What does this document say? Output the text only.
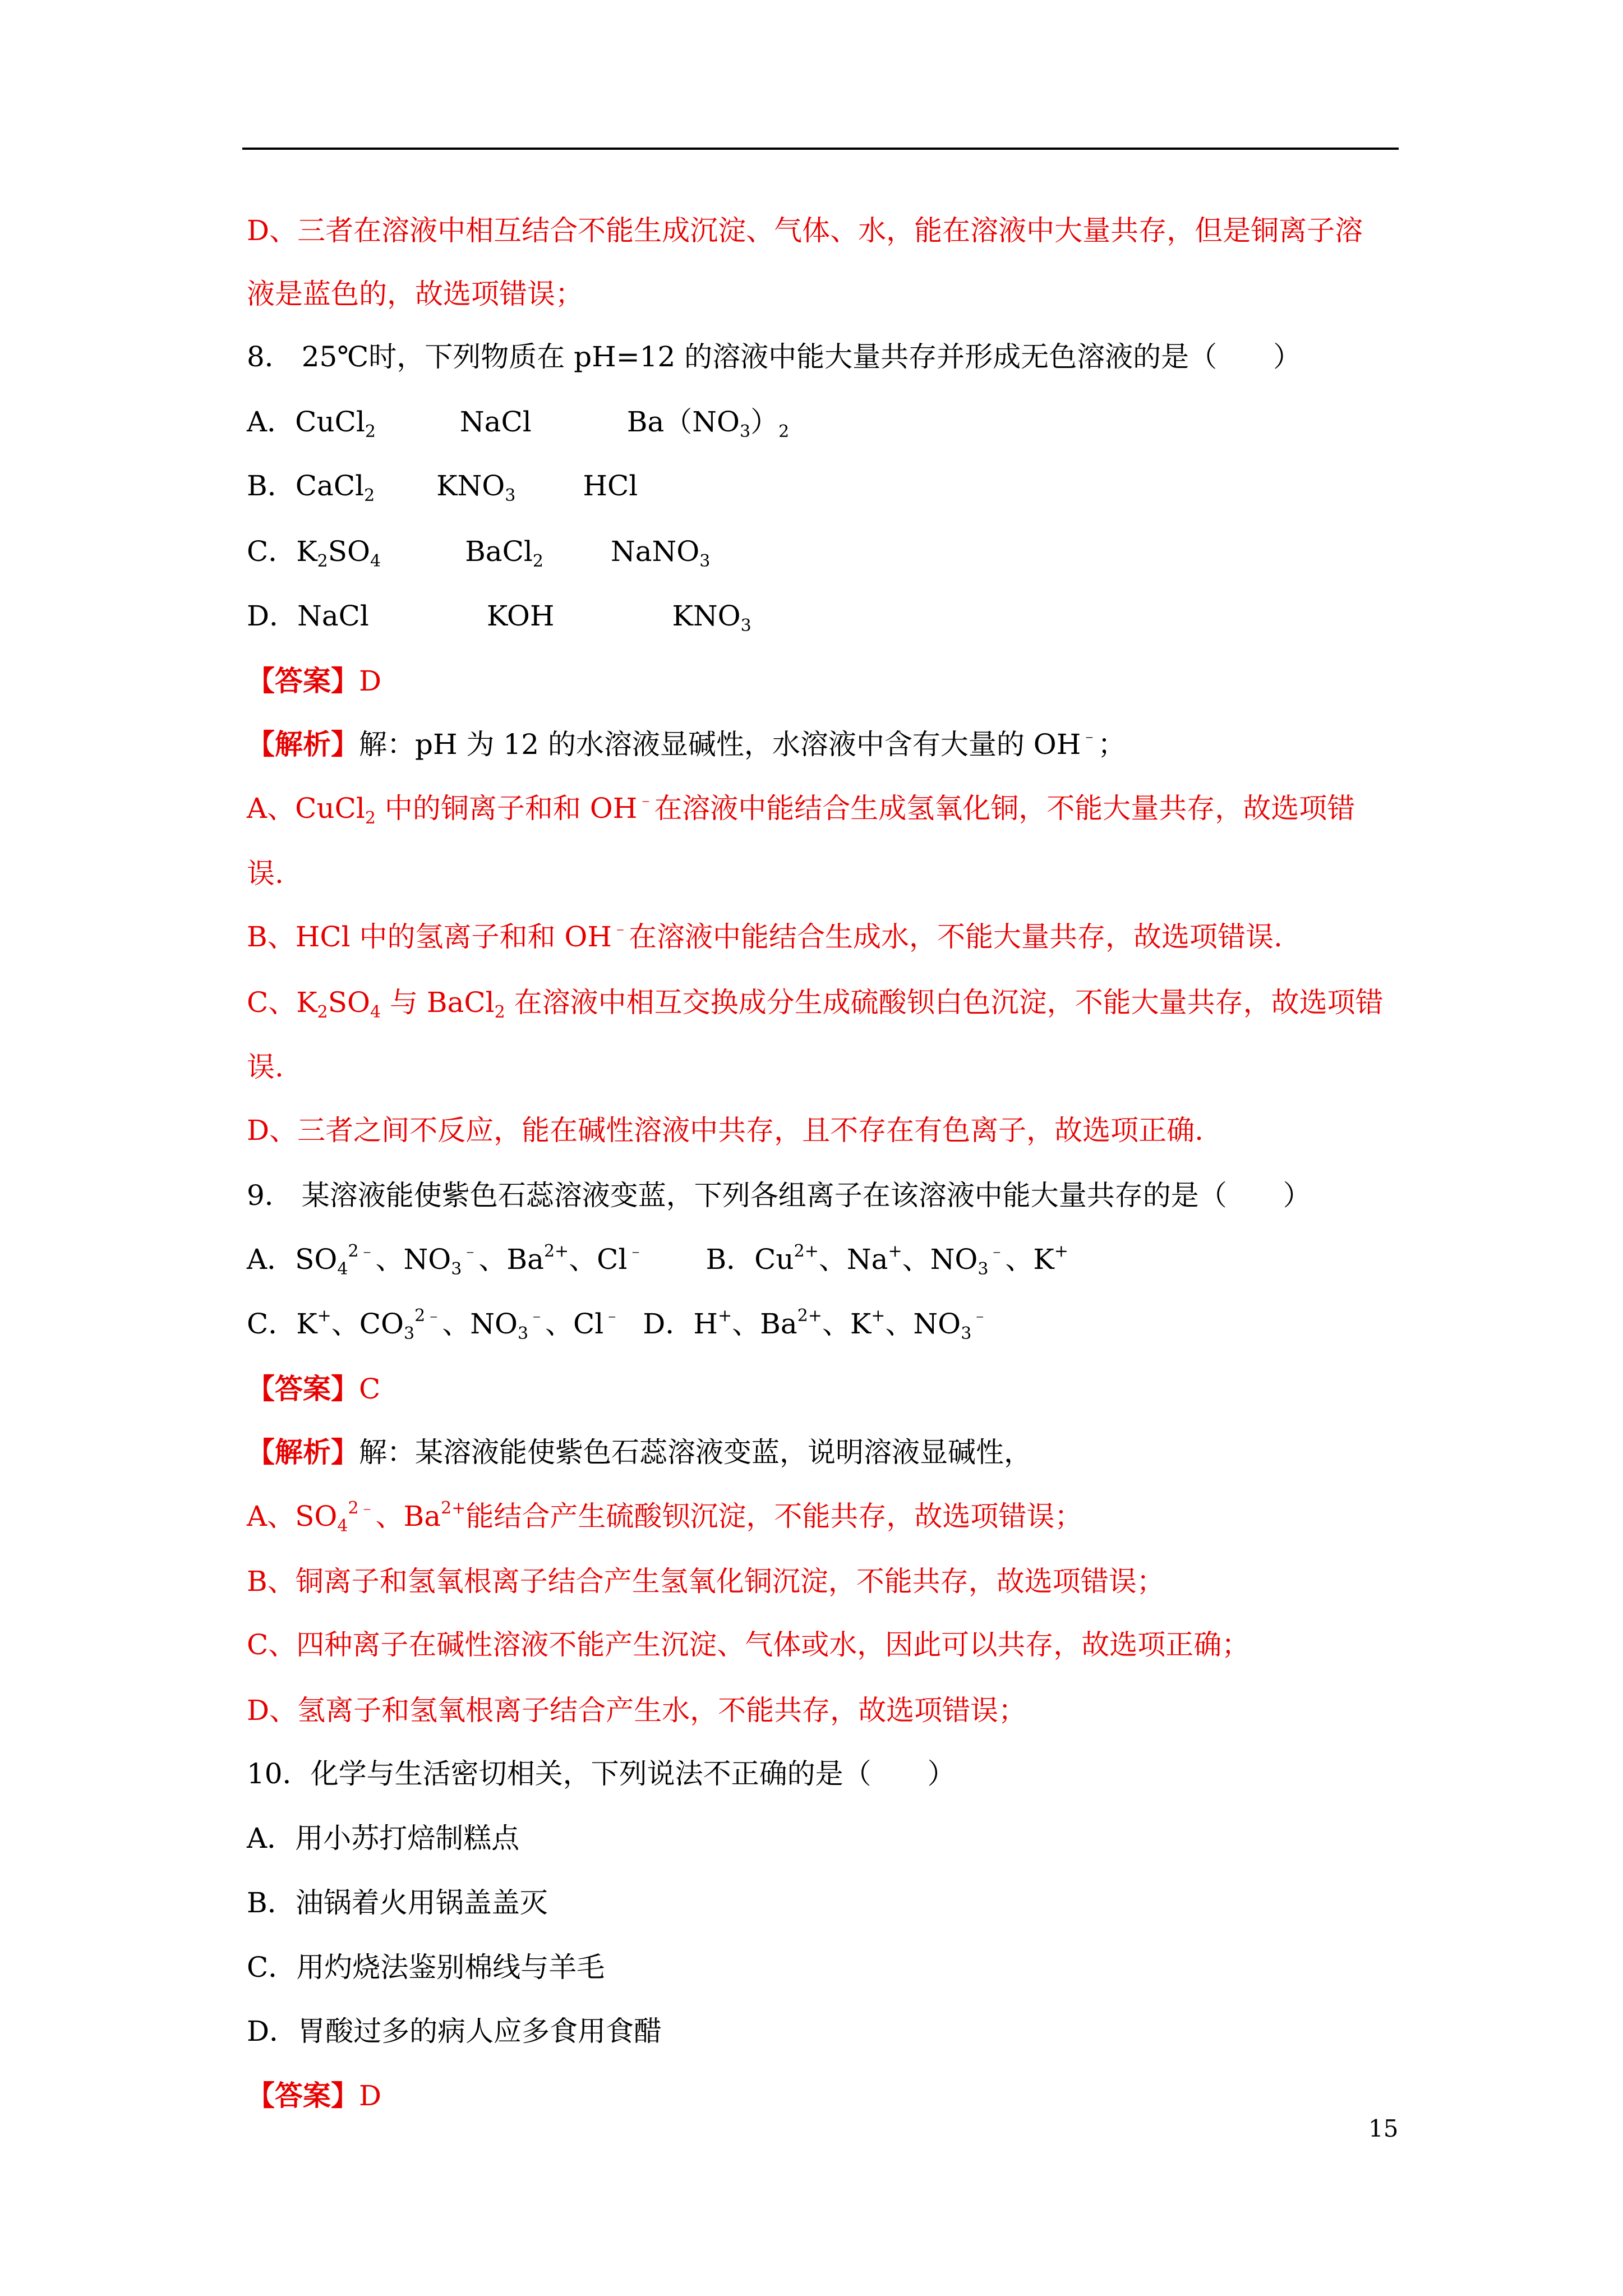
D、三者在溶液中相互结合不能生成沉淀、气体、水，能在溶液中大量共存，但是铜离子溶
液是蓝色的，故选项错误；
8． 25℃时，下列物质在 pH=12 的溶液中能大量共存并形成无色溶液的是（　　）
A．CuCl$_2$	NaCl	$Ba(NO_3)_2$
B．CaCl$_2$ $KNO_3$ HCl
C．$K_2SO_4$	BaCl$_2$ NaNO$_3$
D．NaCl	KOH	$KNO_3$
【答案】D
【解析】解：pH 为 12 的水溶液显碱性，水溶液中含有大量的 OH﹣；
A、CuCl$_2$ 中的铜离子和和 OH﹣在溶液中能结合生成氢氧化铜，不能大量共存，故选项错
误.
B、HCl 中的氢离子和和 OH﹣在溶液中能结合生成水，不能大量共存，故选项错误.
C、$K_2SO_4$ 与 BaCl$_2$ 在溶液中相互交换成分生成硫酸钡白色沉淀，不能大量共存，故选项错
误.
D、三者之间不反应，能在碱性溶液中共存，且不存在有色离子，故选项正确.
9． 某溶液能使紫色石蕊溶液变蓝，下列各组离子在该溶液中能大量共存的是（　　）
A．$SO_4^{2﹣}$、$NO_3^﹣$、$Ba^{2+}$、Cl﹣ B．$Cu^{2+}$、Na+、$NO_3^﹣$、K+
C．K+、$CO_3^{2﹣}$、$NO_3^﹣$、Cl﹣ D．H+、$Ba^{2+}$、K+、$NO_3^﹣$
【答案】C
【解析】解：某溶液能使紫色石蕊溶液变蓝，说明溶液显碱性，
A、$SO_4^{2﹣}$、$Ba^{2+}$能结合产生硫酸钡沉淀，不能共存，故选项错误；
B、铜离子和氢氧根离子结合产生氢氧化铜沉淀，不能共存，故选项错误；
C、四种离子在碱性溶液不能产生沉淀、气体或水，因此可以共存，故选项正确；
D、氢离子和氢氧根离子结合产生水，不能共存，故选项错误；
10．化学与生活密切相关，下列说法不正确的是（　　）
A．用小苏打焙制糕点
B．油锅着火用锅盖盖灭
C．用灼烧法鉴别棉线与羊毛
D．胃酸过多的病人应多食用食醋
【答案】D
15
